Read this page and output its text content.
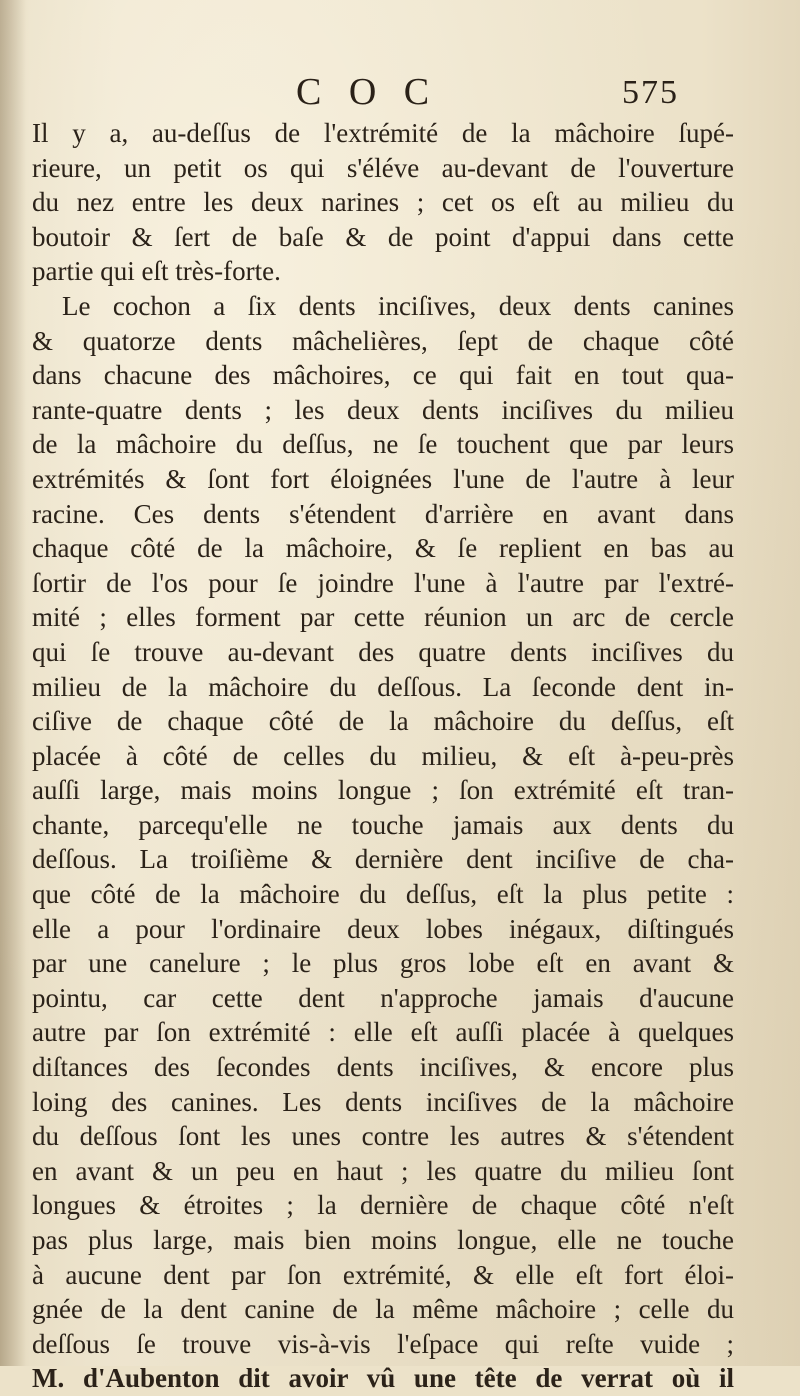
C O C	575
Il y a, au-deſſus de l'extrémité de la mâchoire ſupé-
rieure, un petit os qui s'éléve au-devant de l'ouverture
du nez entre les deux narines ; cet os eſt au milieu du
boutoir & ſert de baſe & de point d'appui dans cette
partie qui eſt très-forte.
Le cochon a ſix dents inciſives, deux dents canines
& quatorze dents mâchelières, ſept de chaque côté
dans chacune des mâchoires, ce qui fait en tout qua-
rante-quatre dents ; les deux dents inciſives du milieu
de la mâchoire du deſſus, ne ſe touchent que par leurs
extrémités & ſont fort éloignées l'une de l'autre à leur
racine. Ces dents s'étendent d'arrière en avant dans
chaque côté de la mâchoire, & ſe replient en bas au
ſortir de l'os pour ſe joindre l'une à l'autre par l'extré-
mité ; elles forment par cette réunion un arc de cercle
qui ſe trouve au-devant des quatre dents inciſives du
milieu de la mâchoire du deſſous. La ſeconde dent in-
ciſive de chaque côté de la mâchoire du deſſus, eſt
placée à côté de celles du milieu, & eſt à-peu-près
auſſi large, mais moins longue ; ſon extrémité eſt tran-
chante, parcequ'elle ne touche jamais aux dents du
deſſous. La troiſième & dernière dent inciſive de cha-
que côté de la mâchoire du deſſus, eſt la plus petite :
elle a pour l'ordinaire deux lobes inégaux, diſtingués
par une canelure ; le plus gros lobe eſt en avant &
pointu, car cette dent n'approche jamais d'aucune
autre par ſon extrémité : elle eſt auſſi placée à quelques
diſtances des ſecondes dents inciſives, & encore plus
loing des canines. Les dents inciſives de la mâchoire
du deſſous ſont les unes contre les autres & s'étendent
en avant & un peu en haut ; les quatre du milieu ſont
longues & étroites ; la dernière de chaque côté n'eſt
pas plus large, mais bien moins longue, elle ne touche
à aucune dent par ſon extrémité, & elle eſt fort éloi-
gnée de la dent canine de la même mâchoire ; celle du
deſſous ſe trouve vis-à-vis l'eſpace qui reſte vuide ;
M. d'Aubenton dit avoir vû une tête de verrat où il
